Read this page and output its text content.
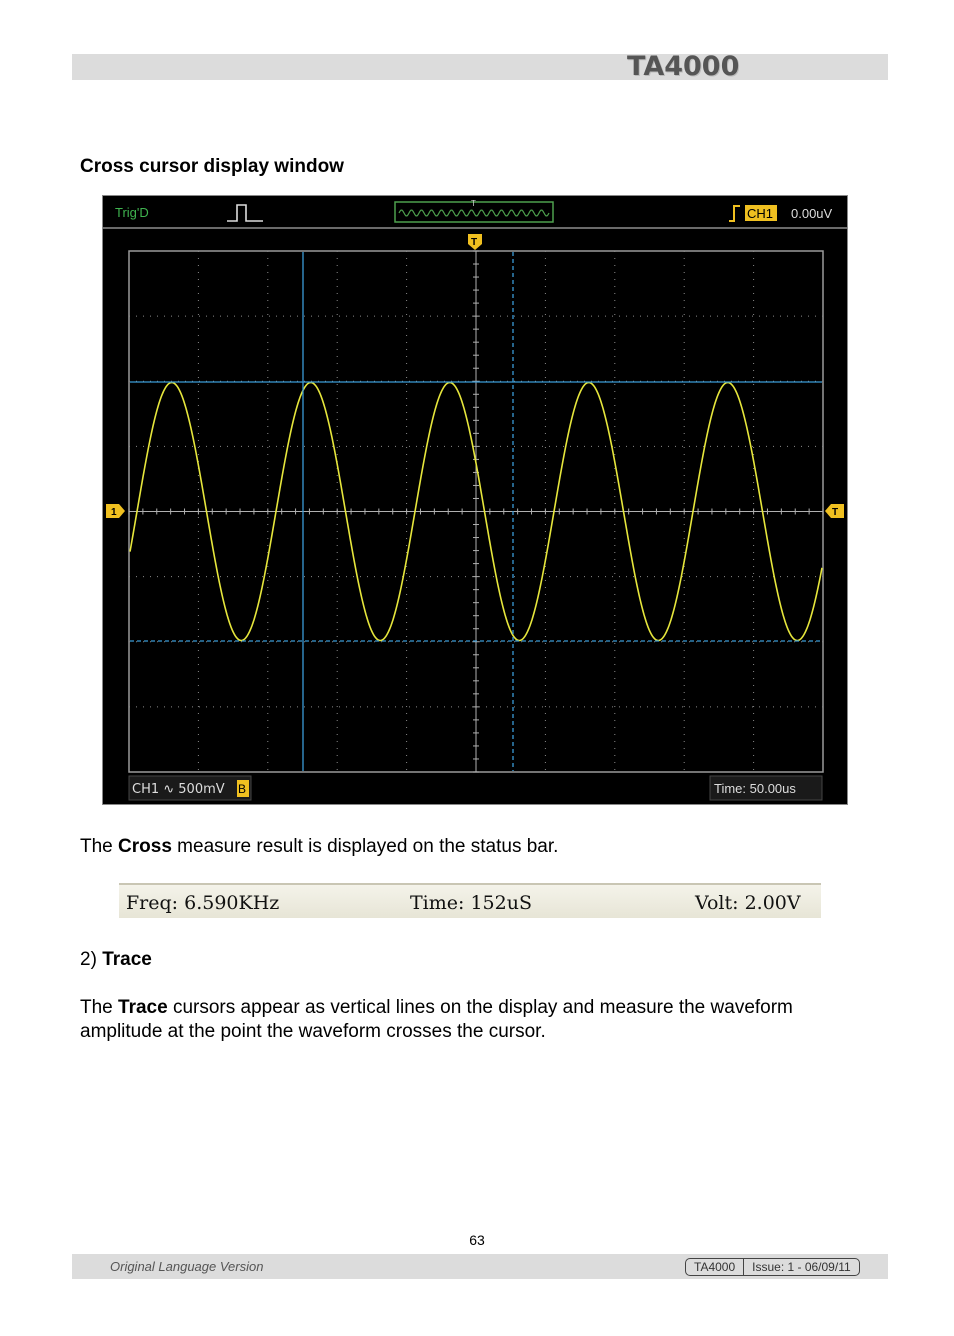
TA4000
Cross cursor display window
Trig'D
T
CH1 0.00uV
T
1	T
CH1 ∿ 500mV B	Time: 50.00us
The Cross measure result is displayed on the status bar.
Freq: 6.590KHz	Time: 152uS	Volt: 2.00V
2) Trace
The Trace cursors appear as vertical lines on the display and measure the waveform amplitude at the point the waveform crosses the cursor.
63
Original Language Version	TA4000	Issue: 1 - 06/09/11
